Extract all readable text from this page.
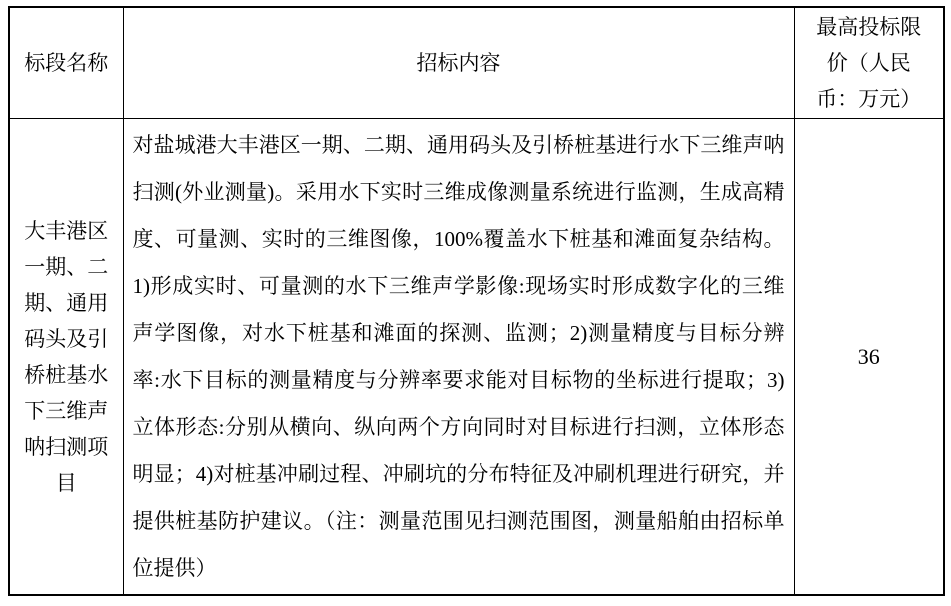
标段名称	招标内容	最高投标限价（人民币：万元）
大丰港区一期、二期、通用码头及引桥桩基水下三维声呐扫测项目	对盐城港大丰港区一期、二期、通用码头及引桥桩基进行水下三维声呐扫测(外业测量)。采用水下实时三维成像测量系统进行监测，生成高精度、可量测、实时的三维图像，100%覆盖水下桩基和滩面复杂结构。1)形成实时、可量测的水下三维声学影像:现场实时形成数字化的三维声学图像，对水下桩基和滩面的探测、监测；2)测量精度与目标分辨率:水下目标的测量精度与分辨率要求能对目标物的坐标进行提取；3)立体形态:分别从横向、纵向两个方向同时对目标进行扫测，立体形态明显；4)对桩基冲刷过程、冲刷坑的分布特征及冲刷机理进行研究，并提供桩基防护建议。（注：测量范围见扫测范围图，测量船舶由招标单位提供）	36
